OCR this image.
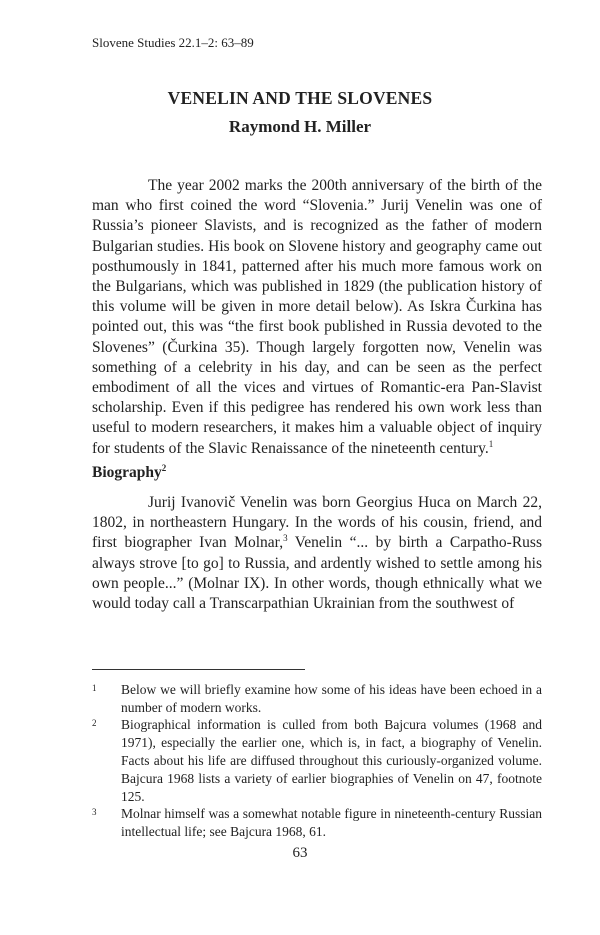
Slovene Studies 22.1–2: 63–89
VENELIN AND THE SLOVENES
Raymond H. Miller
The year 2002 marks the 200th anniversary of the birth of the man who first coined the word “Slovenia.” Jurij Venelin was one of Russia’s pioneer Slavists, and is recognized as the father of modern Bulgarian studies. His book on Slovene history and geography came out posthumously in 1841, patterned after his much more famous work on the Bulgarians, which was published in 1829 (the publication history of this volume will be given in more detail below). As Iskra Čurkina has pointed out, this was “the first book published in Russia devoted to the Slovenes” (Čurkina 35). Though largely forgotten now, Venelin was something of a celebrity in his day, and can be seen as the perfect embodiment of all the vices and virtues of Romantic-era Pan-Slavist scholarship. Even if this pedigree has rendered his own work less than useful to modern researchers, it makes him a valuable object of inquiry for students of the Slavic Renaissance of the nineteenth century.$^1$
Biography$^2$
Jurij Ivanovič Venelin was born Georgius Huca on March 22, 1802, in northeastern Hungary. In the words of his cousin, friend, and first biographer Ivan Molnar,$^3$ Venelin “... by birth a Carpatho-Russ always strove [to go] to Russia, and ardently wished to settle among his own people...” (Molnar IX). In other words, though ethnically what we would today call a Transcarpathian Ukrainian from the southwest of
1 Below we will briefly examine how some of his ideas have been echoed in a number of modern works.
2 Biographical information is culled from both Bajcura volumes (1968 and 1971), especially the earlier one, which is, in fact, a biography of Venelin. Facts about his life are diffused throughout this curiously-organized volume. Bajcura 1968 lists a variety of earlier biographies of Venelin on 47, footnote 125.
3 Molnar himself was a somewhat notable figure in nineteenth-century Russian intellectual life; see Bajcura 1968, 61.
63
